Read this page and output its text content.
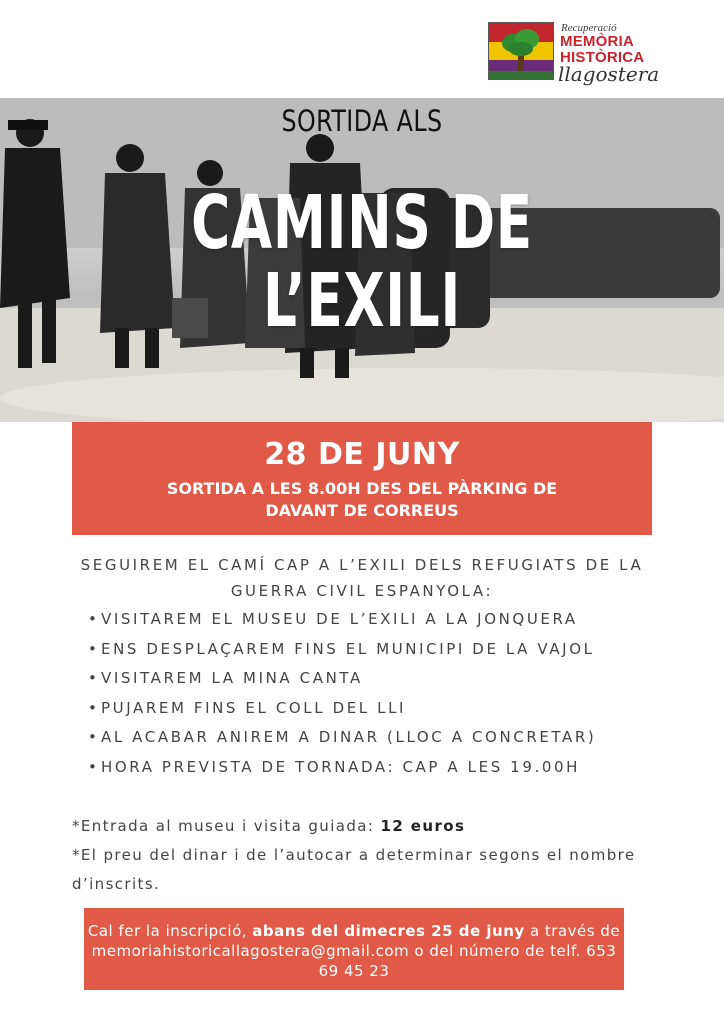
Recuperació
MEMÒRIA
HISTÒRICA
llagostera
SORTIDA ALS
CAMINS DE
L’EXILI
28 DE JUNY
SORTIDA A LES 8.00H DES DEL PÀRKING DE DAVANT DE CORREUS
SEGUIREM EL CAMÍ CAP A L’EXILI DELS REFUGIATS DE LA GUERRA CIVIL ESPANYOLA:
• VISITAREM EL MUSEU DE L’EXILI A LA JONQUERA
• ENS DESPLAÇAREM FINS EL MUNICIPI DE LA VAJOL
• VISITAREM LA MINA CANTA
• PUJAREM FINS EL COLL DEL LLI
• AL ACABAR ANIREM A DINAR (LLOC A CONCRETAR)
• HORA PREVISTA DE TORNADA: CAP A LES 19.00H
*Entrada al museu i visita guiada: 12 euros
*El preu del dinar i de l’autocar a determinar segons el nombre d’inscrits.
Cal fer la inscripció, abans del dimecres 25 de juny a través de memoriahistoricallagostera@gmail.com o del número de telf. 653 69 45 23
